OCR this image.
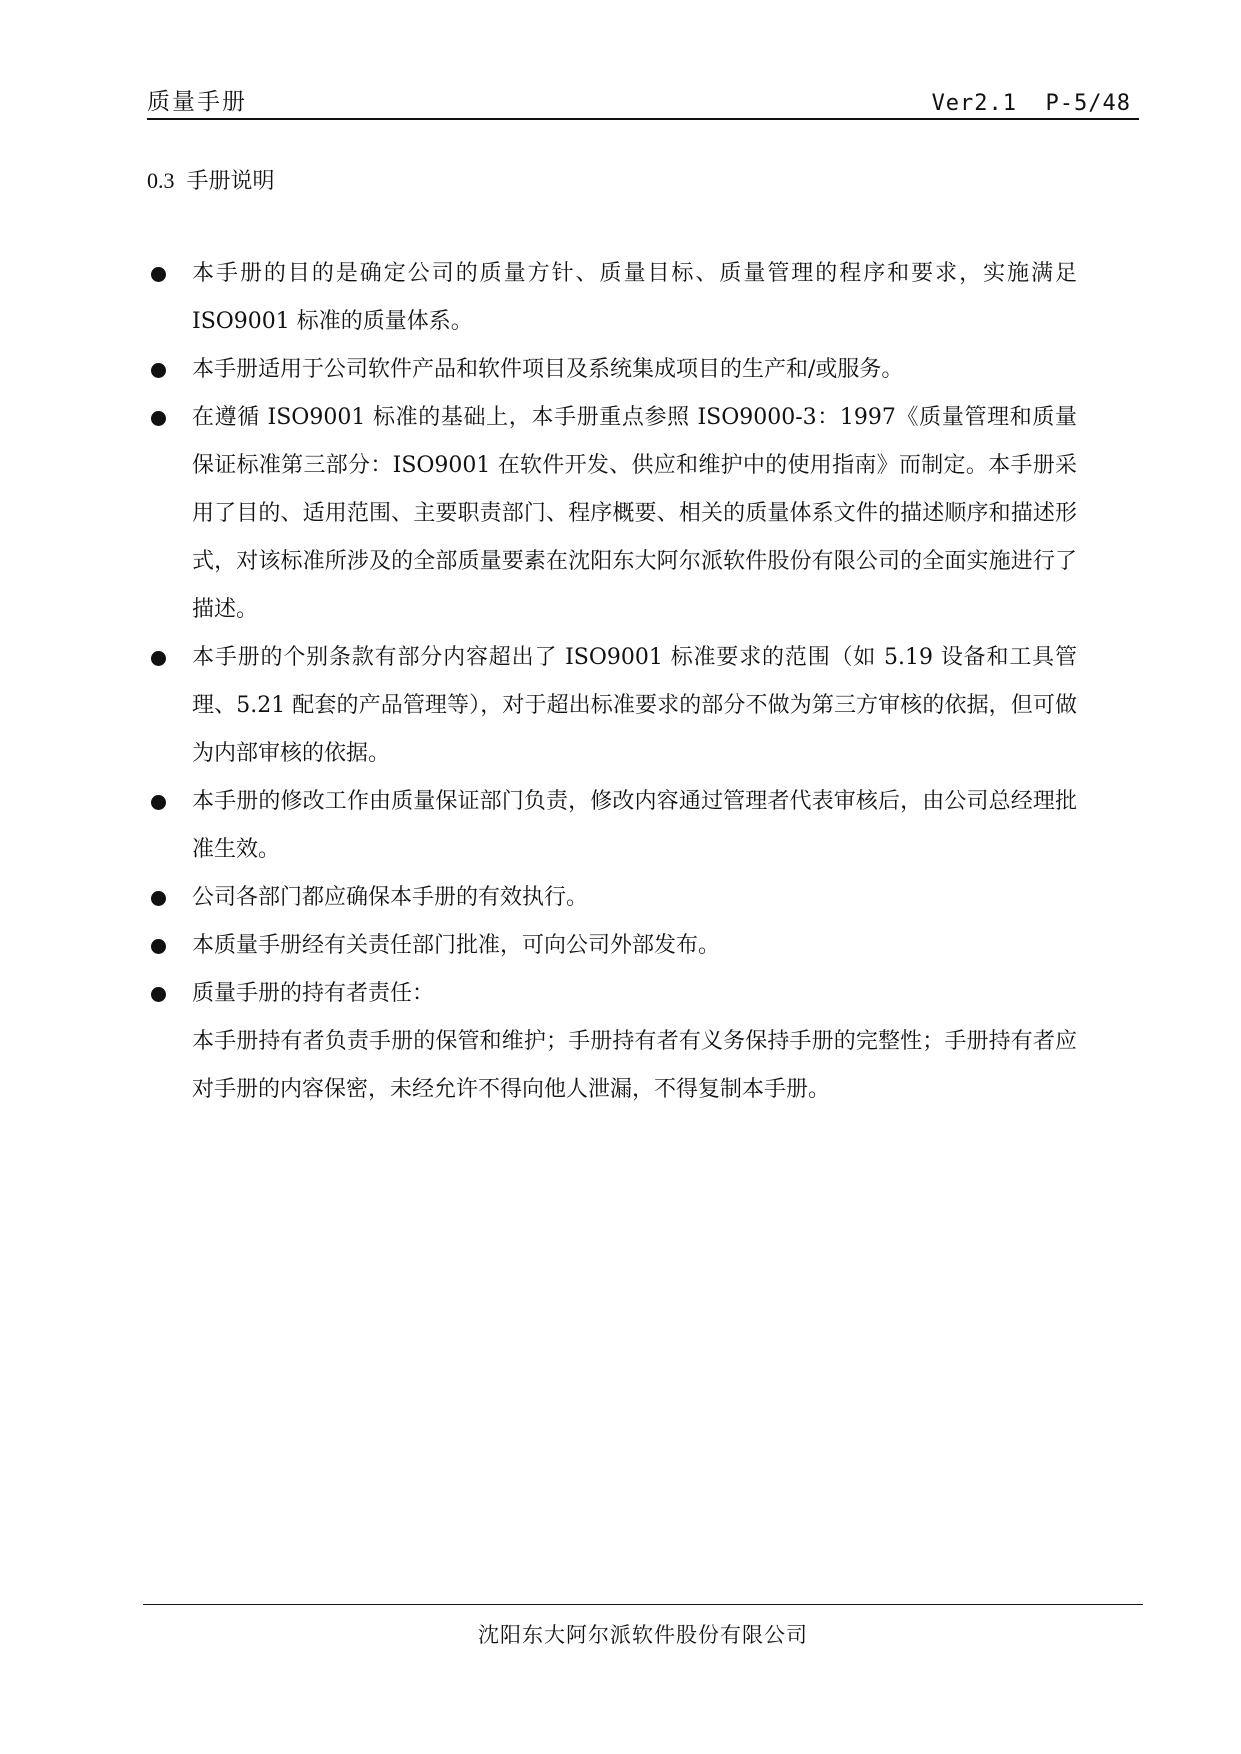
质量手册	Ver2.1  P-5/48
0.3 手册说明
本手册的目的是确定公司的质量方针、质量目标、质量管理的程序和要求，实施满足 ISO9001 标准的质量体系。
本手册适用于公司软件产品和软件项目及系统集成项目的生产和/或服务。
在遵循 ISO9001 标准的基础上，本手册重点参照 ISO9000-3：1997《质量管理和质量保证标准第三部分：ISO9001 在软件开发、供应和维护中的使用指南》而制定。本手册采用了目的、适用范围、主要职责部门、程序概要、相关的质量体系文件的描述顺序和描述形式，对该标准所涉及的全部质量要素在沈阳东大阿尔派软件股份有限公司的全面实施进行了描述。
本手册的个别条款有部分内容超出了 ISO9001 标准要求的范围（如 5.19 设备和工具管理、5.21 配套的产品管理等），对于超出标准要求的部分不做为第三方审核的依据，但可做为内部审核的依据。
本手册的修改工作由质量保证部门负责，修改内容通过管理者代表审核后，由公司总经理批准生效。
公司各部门都应确保本手册的有效执行。
本质量手册经有关责任部门批准，可向公司外部发布。
质量手册的持有者责任：
本手册持有者负责手册的保管和维护；手册持有者有义务保持手册的完整性；手册持有者应对手册的内容保密，未经允许不得向他人泄漏，不得复制本手册。
沈阳东大阿尔派软件股份有限公司
